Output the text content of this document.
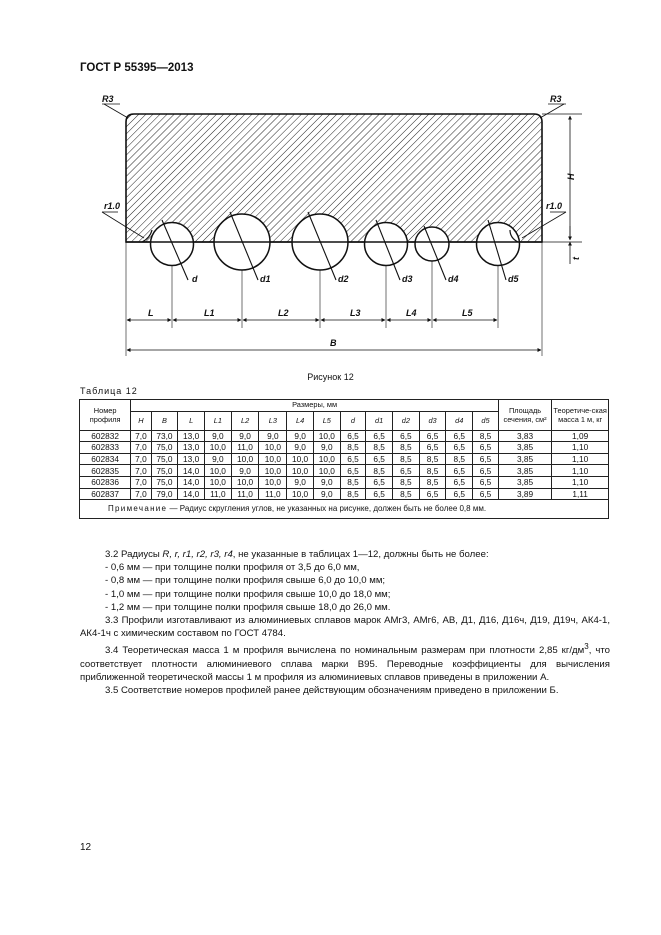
ГОСТ Р 55395—2013
R3	R3
r1.0	r1.0
H
t
d	d1	d2	d3	d4	d5
L	L1	L2	L3	L4	L5
B
Рисунок 12
Таблица 12
Номер профиля	Размеры, мм														Площадь сечения, см²	Теоретиче-ская масса 1 м, кг
	H	B	L	L1	L2	L3	L4	L5	d	d1	d2	d3	d4	d5		
602832	7,0	73,0	13,0	9,0	9,0	9,0	9,0	10,0	6,5	6,5	6,5	6,5	6,5	8,5	3,83	1,09
602833	7,0	75,0	13,0	10,0	11,0	10,0	9,0	9,0	8,5	8,5	8,5	6,5	6,5	6,5	3,85	1,10
602834	7,0	75,0	13,0	9,0	10,0	10,0	10,0	10,0	6,5	6,5	8,5	8,5	8,5	6,5	3,85	1,10
602835	7,0	75,0	14,0	10,0	9,0	10,0	10,0	10,0	6,5	8,5	6,5	8,5	6,5	6,5	3,85	1,10
602836	7,0	75,0	14,0	10,0	10,0	10,0	9,0	9,0	8,5	6,5	8,5	8,5	6,5	6,5	3,85	1,10
602837	7,0	79,0	14,0	11,0	11,0	11,0	10,0	9,0	8,5	6,5	8,5	6,5	6,5	6,5	3,89	1,11
Примечание — Радиус скругления углов, не указанных на рисунке, должен быть не более 0,8 мм.																

3.2 Радиусы R, r, r1, r2, r3, r4, не указанные в таблицах 1—12, должны быть не более:

- 0,6 мм — при толщине полки профиля от 3,5 до 6,0 мм,

- 0,8 мм — при толщине полки профиля свыше 6,0 до 10,0 мм;

- 1,0 мм — при толщине полки профиля свыше 10,0 до 18,0 мм;

- 1,2 мм — при толщине полки профиля свыше 18,0 до 26,0 мм.

3.3 Профили изготавливают из алюминиевых сплавов марок АМг3, АМг6, АВ, Д1, Д16, Д16ч, Д19, Д19ч, АК4-1, АК4-1ч с химическим составом по ГОСТ 4784.

3.4 Теоретическая масса 1 м профиля вычислена по номинальным размерам при плотности 2,85 $кг/дм^3$, что соответствует плотности алюминиевого сплава марки В95. Переводные коэффициенты для вычисления приближенной теоретической массы 1 м профиля из алюминиевых сплавов приведены в приложении А.

3.5 Соответствие номеров профилей ранее действующим обозначениям приведено в приложении Б.

12
